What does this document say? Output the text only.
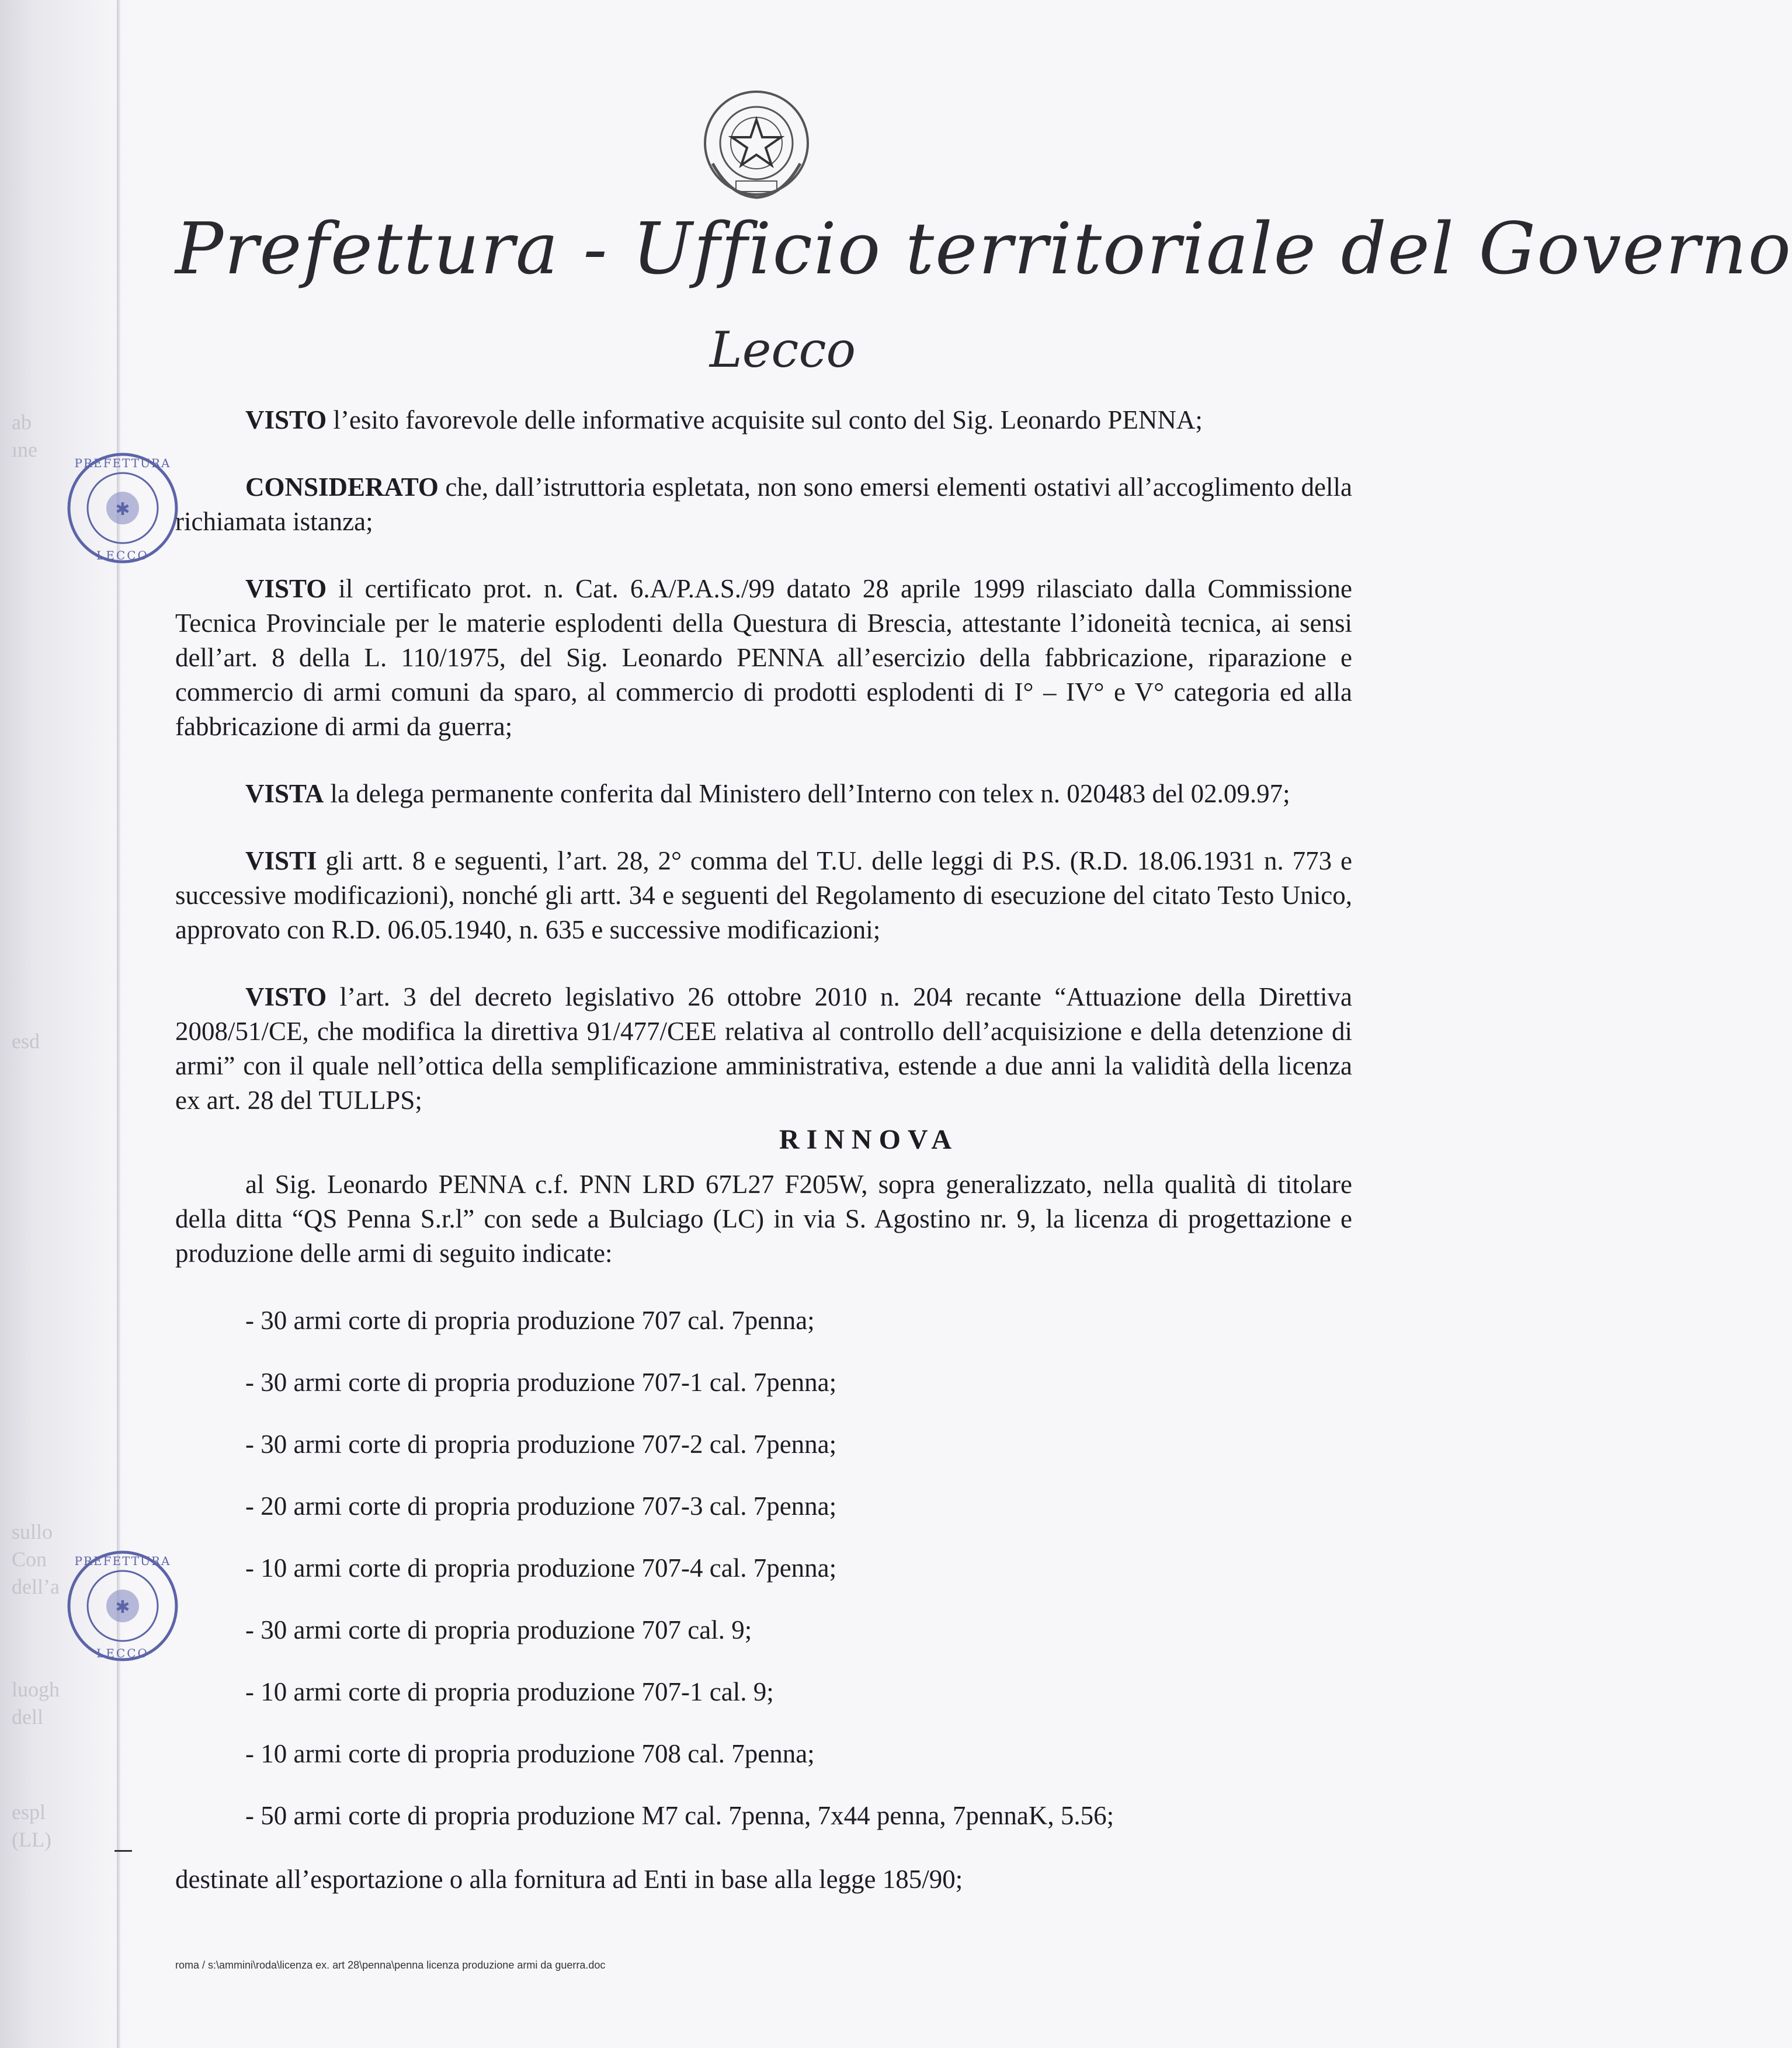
ab
ıne
esd
sullo
Con
dell’a
luogh
dell
espl
(LL)
✱
PREFETTURA
LECCO
✱
PREFETTURA
LECCO
Prefettura - Ufficio territoriale del Governo
Lecco

VISTO l’esito favorevole delle informative acquisite sul conto del Sig. Leonardo PENNA;

CONSIDERATO che, dall’istruttoria espletata, non sono emersi elementi ostativi all’accoglimento della richiamata istanza;

VISTO il certificato prot. n. Cat. 6.A/P.A.S./99 datato 28 aprile 1999 rilasciato dalla Commissione Tecnica Provinciale per le materie esplodenti della Questura di Brescia, attestante l’idoneità tecnica, ai sensi dell’art. 8 della L. 110/1975, del Sig. Leonardo PENNA all’esercizio della fabbricazione, riparazione e commercio di armi comuni da sparo, al commercio di prodotti esplodenti di I° – IV° e V° categoria ed alla fabbricazione di armi da guerra;

VISTA la delega permanente conferita dal Ministero dell’Interno con telex n. 020483 del 02.09.97;

VISTI gli artt. 8 e seguenti, l’art. 28, 2° comma del T.U. delle leggi di P.S. (R.D. 18.06.1931 n. 773 e successive modificazioni), nonché gli artt. 34 e seguenti del Regolamento di esecuzione del citato Testo Unico, approvato con R.D. 06.05.1940, n. 635 e successive modificazioni;

VISTO l’art. 3 del decreto legislativo 26 ottobre 2010 n. 204 recante “Attuazione della Direttiva 2008/51/CE, che modifica la direttiva 91/477/CEE relativa al controllo dell’acquisizione e della detenzione di armi” con il quale nell’ottica della semplificazione amministrativa, estende a due anni la validità della licenza ex art. 28 del TULLPS;

RINNOVA

al Sig. Leonardo PENNA c.f. PNN LRD 67L27 F205W, sopra generalizzato, nella qualità di titolare della ditta “QS Penna S.r.l” con sede a Bulciago (LC) in via S. Agostino nr. 9, la licenza di progettazione e produzione delle armi di seguito indicate:

- 30 armi corte di propria produzione 707 cal. 7penna;
- 30 armi corte di propria produzione 707-1 cal. 7penna;
- 30 armi corte di propria produzione 707-2 cal. 7penna;
- 20 armi corte di propria produzione 707-3 cal. 7penna;
- 10 armi corte di propria produzione 707-4 cal. 7penna;
- 30 armi corte di propria produzione 707 cal. 9;
- 10 armi corte di propria produzione 707-1 cal. 9;
- 10 armi corte di propria produzione 708 cal. 7penna;
- 50 armi corte di propria produzione M7 cal. 7penna, 7x44 penna, 7pennaK, 5.56;

destinate all’esportazione o alla fornitura ad Enti in base alla legge 185/90;

roma / s:\ammini\roda\licenza ex. art 28\penna\penna licenza produzione armi da guerra.doc
